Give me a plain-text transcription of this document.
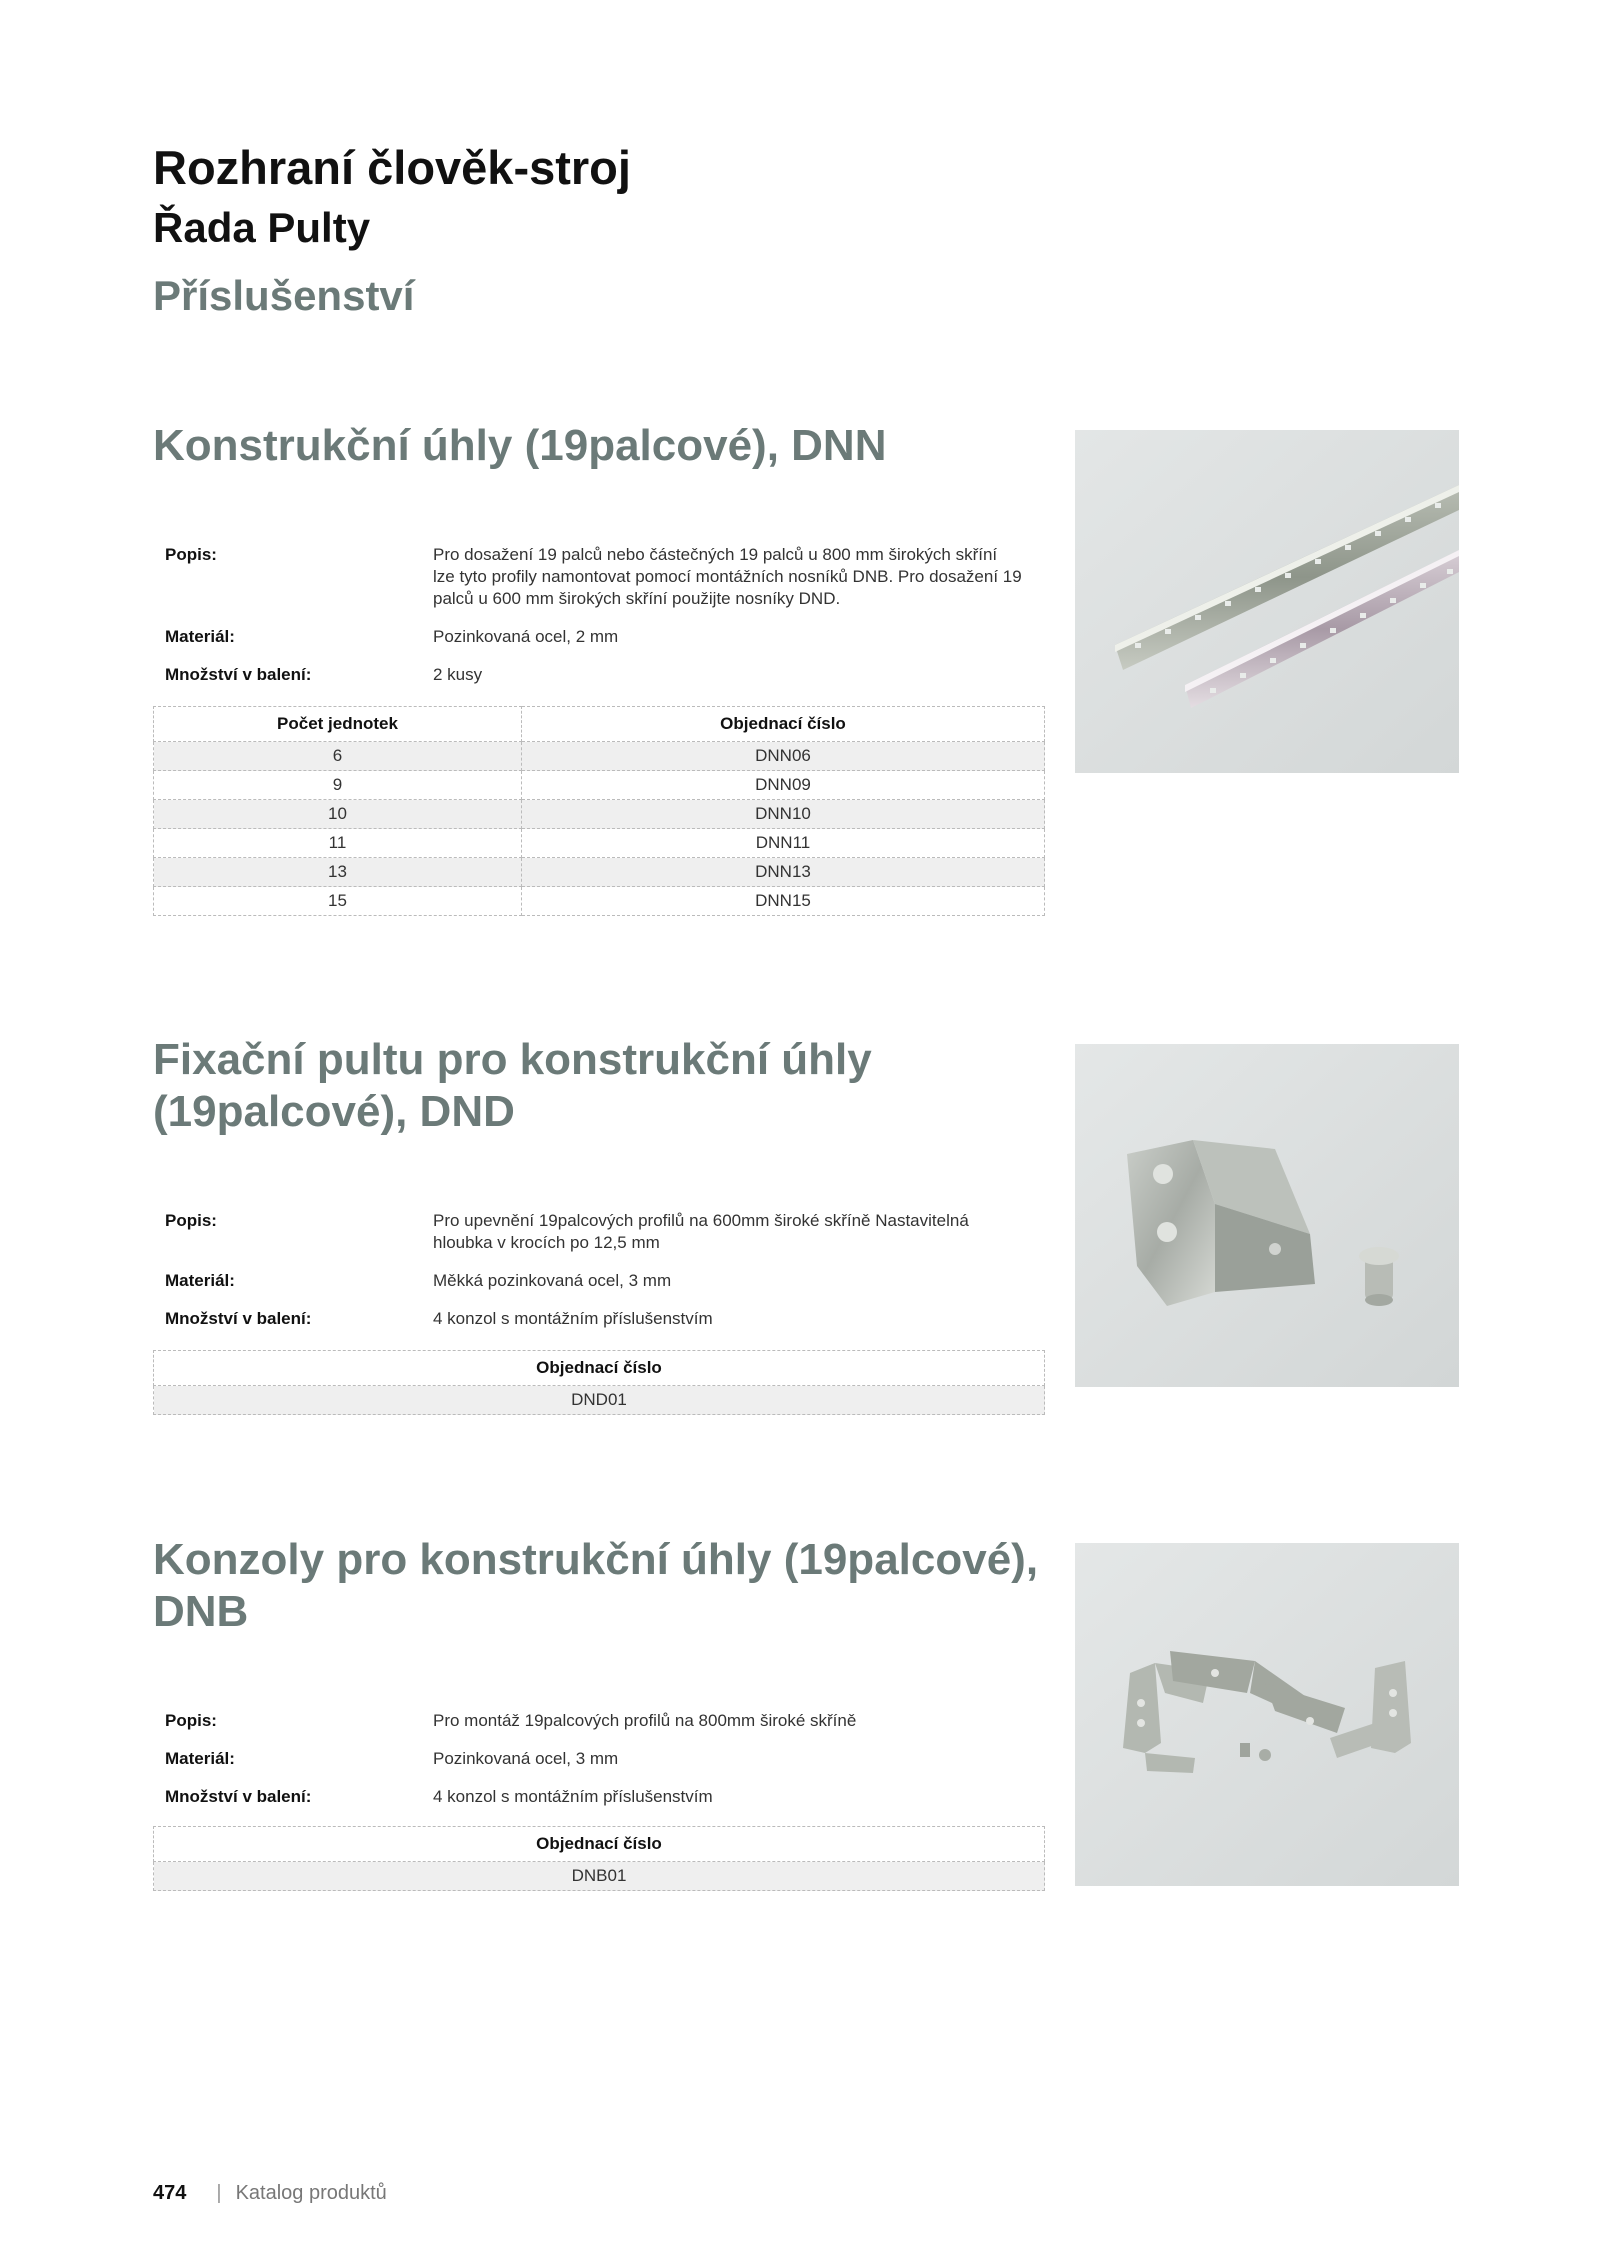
Rozhraní člověk-stroj
Řada Pulty
Příslušenství
Konstrukční úhly (19palcové), DNN
Popis:	Pro dosažení 19 palců nebo částečných 19 palců u 800 mm širokých skříní lze tyto profily namontovat pomocí montážních nosníků DNB. Pro dosažení 19 palců u 600 mm širokých skříní použijte nosníky DND.
Materiál:	Pozinkovaná ocel, 2 mm
Množství v balení:	2 kusy
Počet jednotek	Objednací číslo
6	DNN06
9	DNN09
10	DNN10
11	DNN11
13	DNN13
15	DNN15
Fixační pultu pro konstrukční úhly (19palcové), DND
Popis:	Pro upevnění 19palcových profilů na 600mm široké skříně Nastavitelná hloubka v krocích po 12,5 mm
Materiál:	Měkká pozinkovaná ocel, 3 mm
Množství v balení:	4 konzol s montážním příslušenstvím
Objednací číslo
DND01
Konzoly pro konstrukční úhly (19palcové), DNB
Popis:	Pro montáž 19palcových profilů na 800mm široké skříně
Materiál:	Pozinkovaná ocel, 3 mm
Množství v balení:	4 konzol s montážním příslušenstvím
Objednací číslo
DNB01
474 | Katalog produktů
